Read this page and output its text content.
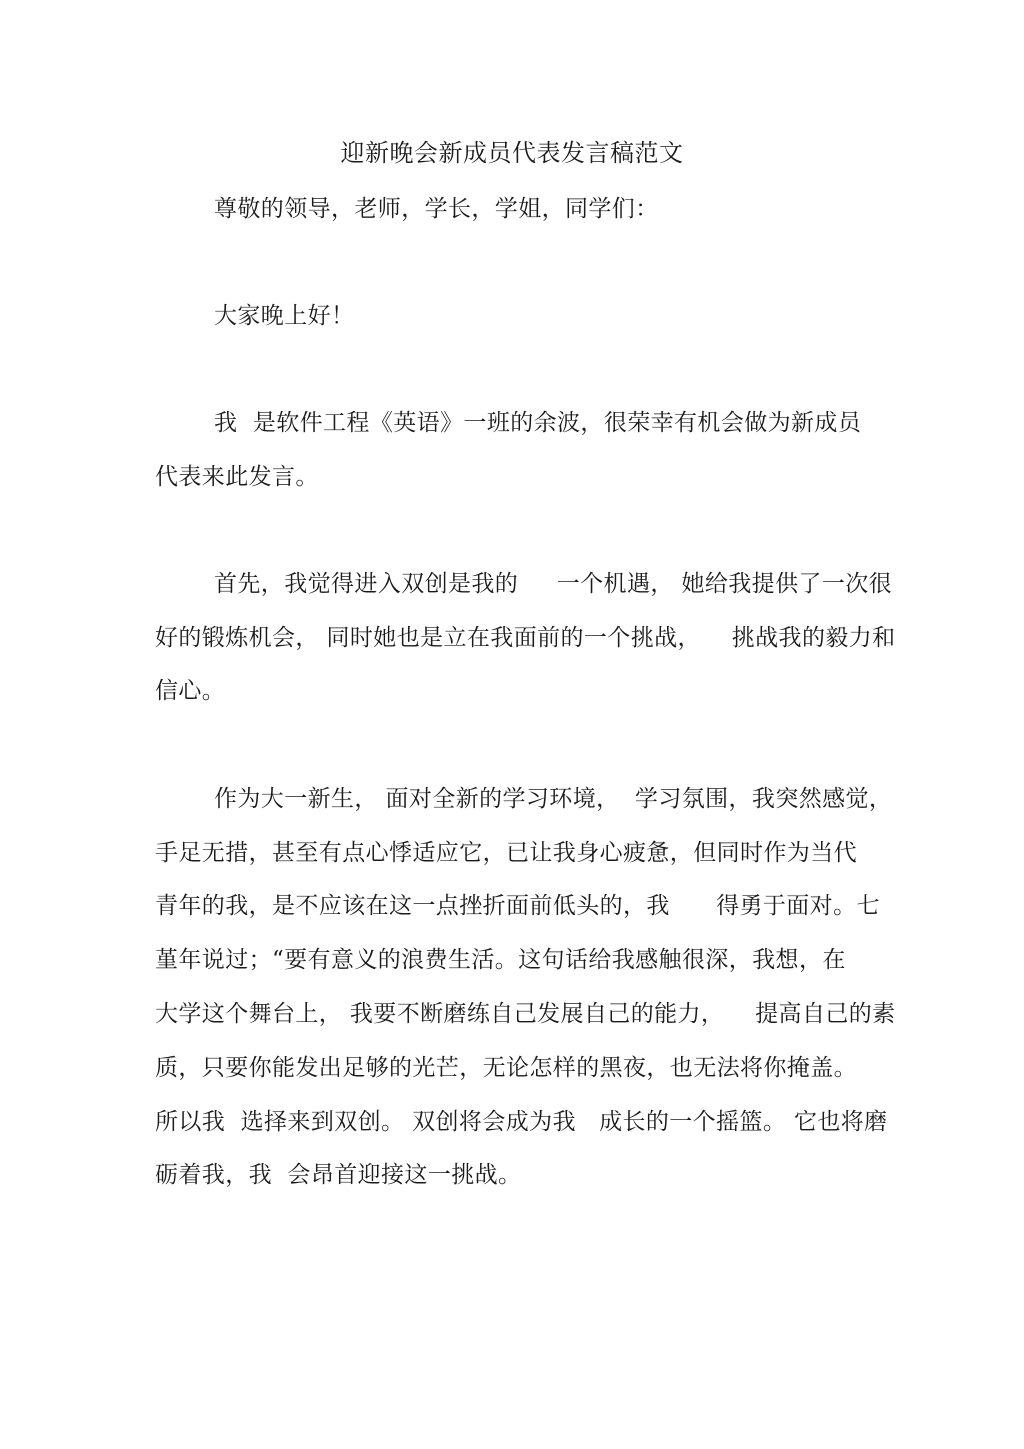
迎新晚会新成员代表发言稿范文
尊敬的领导，老师，学长，学姐，同学们：
大家晚上好！
我  是软件工程《英语》一班的余波，很荣幸有机会做为新成员
代表来此发言。
首先，我觉得进入双创是我的     一个机遇， 她给我提供了一次很
好的锻炼机会， 同时她也是立在我面前的一个挑战，    挑战我的毅力和
信心。
作为大一新生， 面对全新的学习环境，  学习氛围，我突然感觉，
手足无措，甚至有点心悸适应它，已让我身心疲惫，但同时作为当代
青年的我，是不应该在这一点挫折面前低头的，我      得勇于面对。七
堇年说过；“要有意义的浪费生活。这句话给我感触很深，我想，在
大学这个舞台上， 我要不断磨练自己发展自己的能力，    提高自己的素
质，只要你能发出足够的光芒，无论怎样的黑夜，也无法将你掩盖。
所以我  选择来到双创。 双创将会成为我   成长的一个摇篮。 它也将磨
砺着我，我  会昂首迎接这一挑战。
